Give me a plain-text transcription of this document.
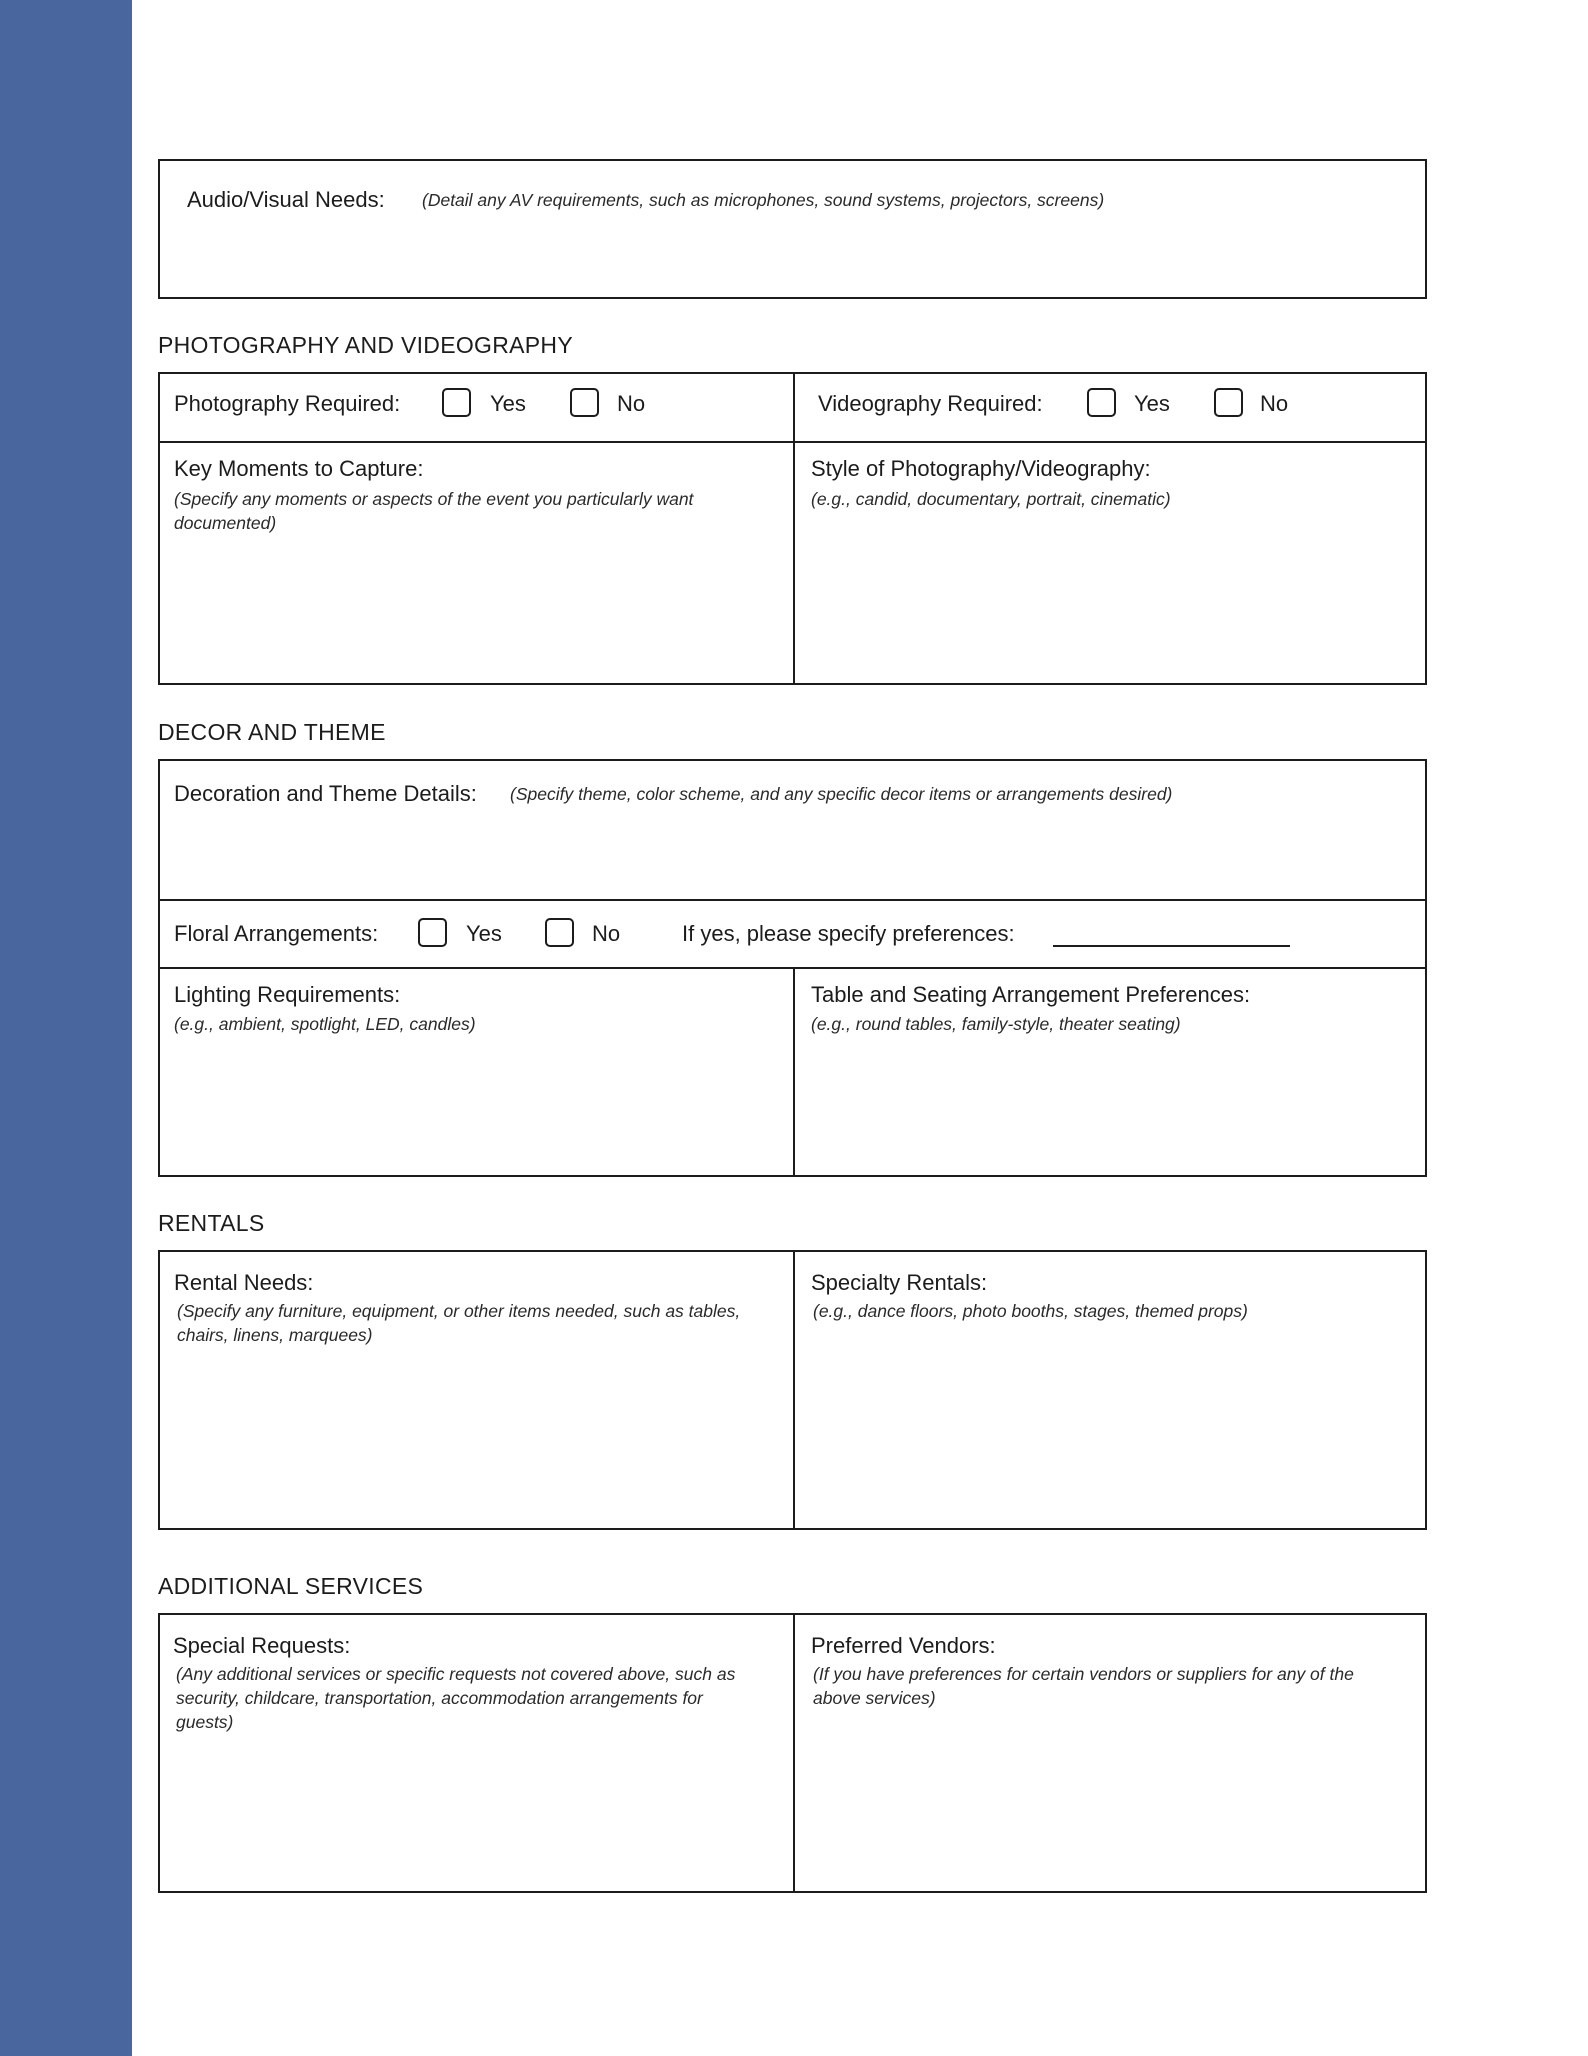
Audio/Visual Needs: (Detail any AV requirements, such as microphones, sound systems, projectors, screens)
PHOTOGRAPHY AND VIDEOGRAPHY
Photography Required:	Yes	No	Videography Required:	Yes	No
Key Moments to Capture:
(Specify any moments or aspects of the event you particularly want
documented)
Style of Photography/Videography:
(e.g., candid, documentary, portrait, cinematic)
DECOR AND THEME
Decoration and Theme Details: (Specify theme, color scheme, and any specific decor items or arrangements desired)
Floral Arrangements:	Yes	No	If yes, please specify preferences:
Lighting Requirements:
(e.g., ambient, spotlight, LED, candles)
Table and Seating Arrangement Preferences:
(e.g., round tables, family-style, theater seating)
RENTALS
Rental Needs:
(Specify any furniture, equipment, or other items needed, such as tables,
chairs, linens, marquees)
Specialty Rentals:
(e.g., dance floors, photo booths, stages, themed props)
ADDITIONAL SERVICES
Special Requests:
(Any additional services or specific requests not covered above, such as
security, childcare, transportation, accommodation arrangements for
guests)
Preferred Vendors:
(If you have preferences for certain vendors or suppliers for any of the
above services)
